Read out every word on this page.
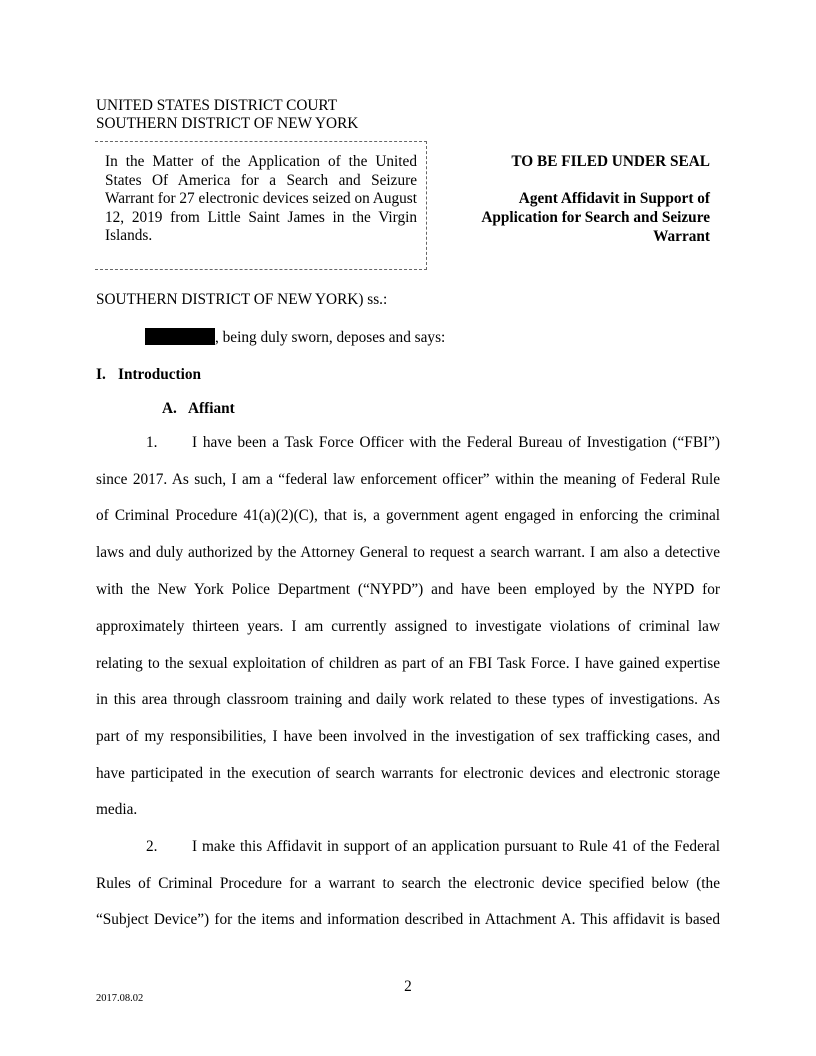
UNITED STATES DISTRICT COURT
SOUTHERN DISTRICT OF NEW YORK
In the Matter of the Application of the United States Of America for a Search and Seizure Warrant for 27 electronic devices seized on August 12, 2019 from Little Saint James in the Virgin Islands.
TO BE FILED UNDER SEAL
Agent Affidavit in Support of
Application for Search and Seizure
Warrant
SOUTHERN DISTRICT OF NEW YORK) ss.:
, being duly sworn, deposes and says:
I. Introduction
A. Affiant
1. I have been a Task Force Officer with the Federal Bureau of Investigation (“FBI”)
since 2017. As such, I am a “federal law enforcement officer” within the meaning of Federal Rule
of Criminal Procedure 41(a)(2)(C), that is, a government agent engaged in enforcing the criminal
laws and duly authorized by the Attorney General to request a search warrant. I am also a detective
with the New York Police Department (“NYPD”) and have been employed by the NYPD for
approximately thirteen years. I am currently assigned to investigate violations of criminal law
relating to the sexual exploitation of children as part of an FBI Task Force. I have gained expertise
in this area through classroom training and daily work related to these types of investigations. As
part of my responsibilities, I have been involved in the investigation of sex trafficking cases, and
have participated in the execution of search warrants for electronic devices and electronic storage
media.
2. I make this Affidavit in support of an application pursuant to Rule 41 of the Federal
Rules of Criminal Procedure for a warrant to search the electronic device specified below (the
“Subject Device”) for the items and information described in Attachment A. This affidavit is based
2
2017.08.02
